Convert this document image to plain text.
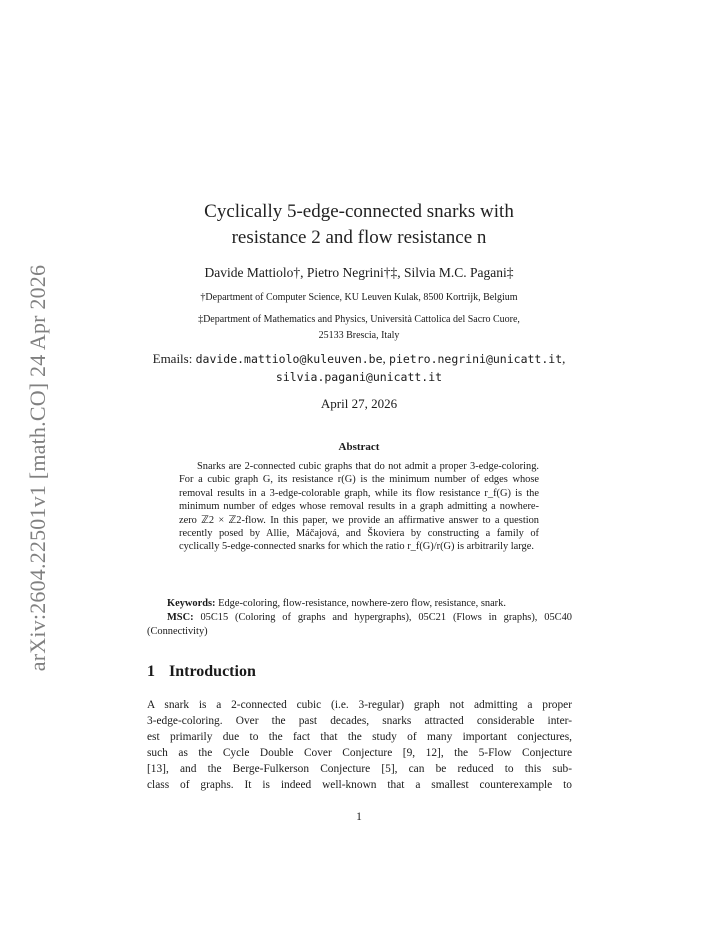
arXiv:2604.22501v1 [math.CO] 24 Apr 2026
Cyclically 5-edge-connected snarks with
resistance 2 and flow resistance n
Davide Mattiolo†, Pietro Negrini†‡, Silvia M.C. Pagani‡
†Department of Computer Science, KU Leuven Kulak, 8500 Kortrijk, Belgium
‡Department of Mathematics and Physics, Università Cattolica del Sacro Cuore,
25133 Brescia, Italy
Emails: davide.mattiolo@kuleuven.be, pietro.negrini@unicatt.it,
silvia.pagani@unicatt.it
April 27, 2026
Abstract
Snarks are 2-connected cubic graphs that do not admit a proper 3-edge-coloring. For a cubic graph G, its resistance r(G) is the minimum number of edges whose removal results in a 3-edge-colorable graph, while its flow resistance r_f(G) is the minimum number of edges whose removal results in a graph admitting a nowhere-zero ℤ2 × ℤ2-flow. In this paper, we provide an affirmative answer to a question recently posed by Allie, Máčajová, and Škoviera by constructing a family of cyclically 5-edge-connected snarks for which the ratio r_f(G)/r(G) is arbitrarily large.
Keywords: Edge-coloring, flow-resistance, nowhere-zero flow, resistance, snark.
MSC: 05C15 (Coloring of graphs and hypergraphs), 05C21 (Flows in graphs), 05C40 (Connectivity)
1 Introduction
A snark is a 2-connected cubic (i.e. 3-regular) graph not admitting a proper
3-edge-coloring. Over the past decades, snarks attracted considerable inter-
est primarily due to the fact that the study of many important conjectures,
such as the Cycle Double Cover Conjecture [9, 12], the 5-Flow Conjecture
[13], and the Berge-Fulkerson Conjecture [5], can be reduced to this sub-
class of graphs. It is indeed well-known that a smallest counterexample to
1
